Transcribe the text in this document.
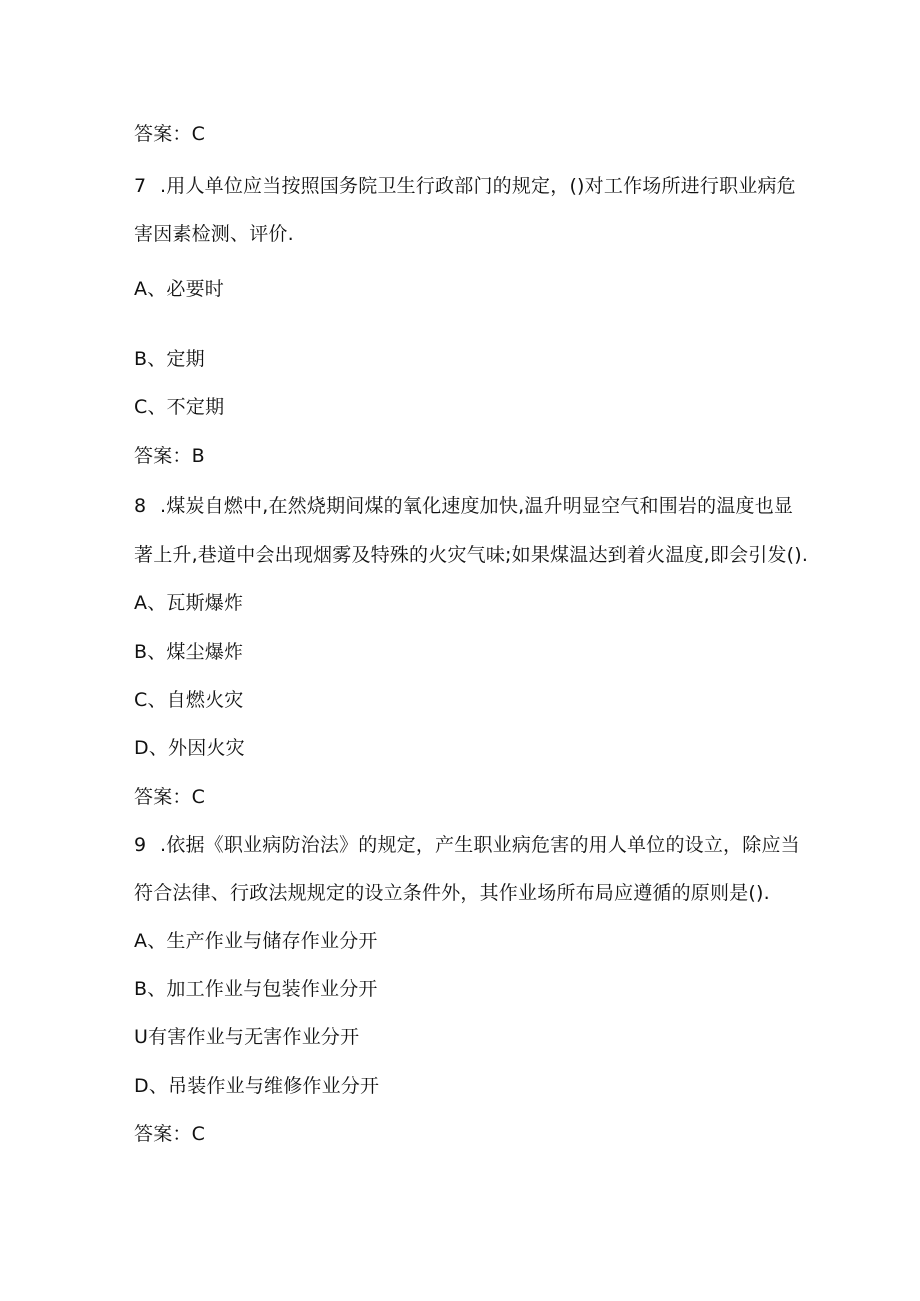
答案：C

7 .用人单位应当按照国务院卫生行政部门的规定，()对工作场所进行职业病危

害因素检测、评价.

A、必要时

B、定期

C、不定期

答案：B

8 .煤炭自燃中,在然烧期间煤的氧化速度加快,温升明显空气和围岩的温度也显

著上升,巷道中会出现烟雾及特殊的火灾气味;如果煤温达到着火温度,即会引发().

A、瓦斯爆炸

B、煤尘爆炸

C、自燃火灾

D、外因火灾

答案：C

9 .依据《职业病防治法》的规定，产生职业病危害的用人单位的设立，除应当

符合法律、行政法规规定的设立条件外，其作业场所布局应遵循的原则是().

A、生产作业与储存作业分开

B、加工作业与包装作业分开

U有害作业与无害作业分开

D、吊装作业与维修作业分开

答案：C
